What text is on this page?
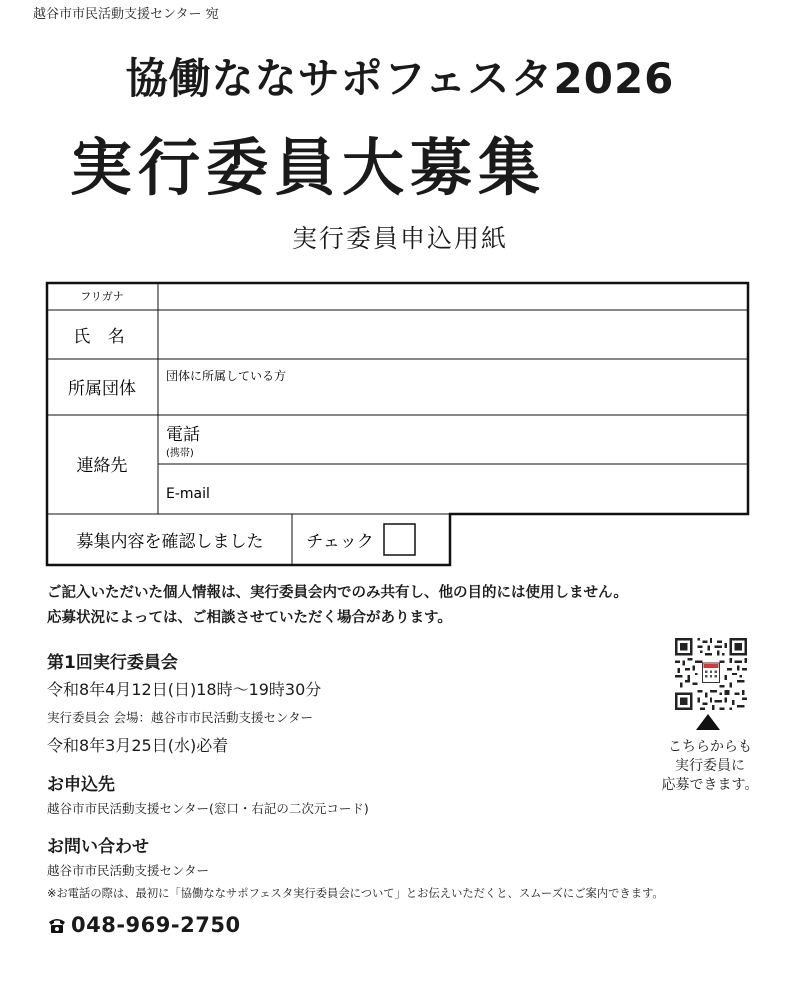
越谷市市民活動支援センター 宛
協働ななサポフェスタ2026
実行委員大募集
実行委員申込用紙
フリガナ
氏 名
所属団体
連絡先
電話
(携帯)
E-mail
募集内容を確認しました	チェック
ご記入いただいた個人情報は、実行委員会内でのみ共有し、他の目的には使用しません。
応募状況によっては、ご相談させていただく場合があります。
第1回実行委員会
令和8年4月12日(日)18時～19時30分
実行委員会 会場：越谷市市民活動支援センター
令和8年3月25日(水)必着
お申込先
越谷市市民活動支援センター(窓口・右記の二次元コード)
お問い合わせ
越谷市市民活動支援センター
※お電話の際は、最初に「協働ななサポフェスタ実行委員会について」とお伝えいただくと、スムーズにご案内できます。
048-969-2750
こちらからも
実行委員に
応募できます。
